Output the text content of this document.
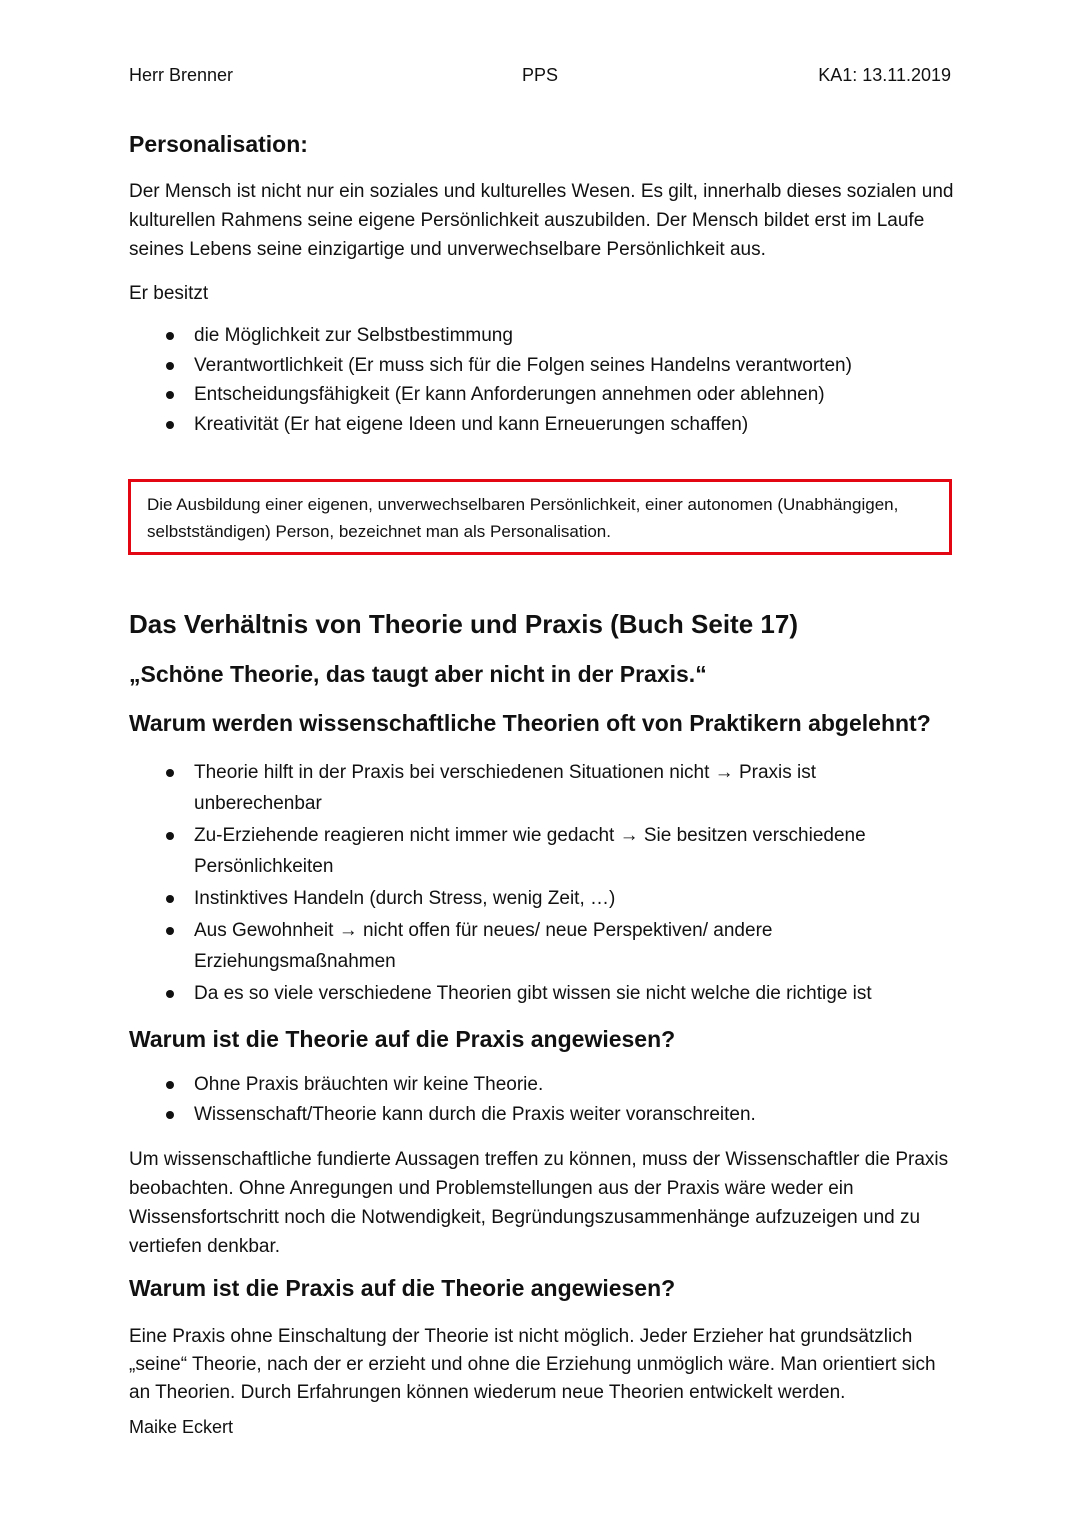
Herr Brenner	PPS	KA1: 13.11.2019
Personalisation:

Der Mensch ist nicht nur ein soziales und kulturelles Wesen. Es gilt, innerhalb dieses sozialen und kulturellen Rahmens seine eigene Persönlichkeit auszubilden. Der Mensch bildet erst im Laufe seines Lebens seine einzigartige und unverwechselbare Persönlichkeit aus.

Er besitzt

die Möglichkeit zur Selbstbestimmung
Verantwortlichkeit (Er muss sich für die Folgen seines Handelns verantworten)
Entscheidungsfähigkeit (Er kann Anforderungen annehmen oder ablehnen)
Kreativität (Er hat eigene Ideen und kann Erneuerungen schaffen)

Die Ausbildung einer eigenen, unverwechselbaren Persönlichkeit, einer autonomen (Unabhängigen, selbstständigen) Person, bezeichnet man als Personalisation.

Das Verhältnis von Theorie und Praxis (Buch Seite 17)
„Schöne Theorie, das taugt aber nicht in der Praxis.“
Warum werden wissenschaftliche Theorien oft von Praktikern abgelehnt?
Theorie hilft in der Praxis bei verschiedenen Situationen nicht → Praxis ist unberechenbar
Zu-Erziehende reagieren nicht immer wie gedacht → Sie besitzen verschiedene Persönlichkeiten
Instinktives Handeln (durch Stress, wenig Zeit, …)
Aus Gewohnheit → nicht offen für neues/ neue Perspektiven/ andere Erziehungsmaßnahmen
Da es so viele verschiedene Theorien gibt wissen sie nicht welche die richtige ist
Warum ist die Theorie auf die Praxis angewiesen?
Ohne Praxis bräuchten wir keine Theorie.
Wissenschaft/Theorie kann durch die Praxis weiter voranschreiten.

Um wissenschaftliche fundierte Aussagen treffen zu können, muss der Wissenschaftler die Praxis beobachten. Ohne Anregungen und Problemstellungen aus der Praxis wäre weder ein Wissensfortschritt noch die Notwendigkeit, Begründungszusammenhänge aufzuzeigen und zu vertiefen denkbar.

Warum ist die Praxis auf die Theorie angewiesen?

Eine Praxis ohne Einschaltung der Theorie ist nicht möglich. Jeder Erzieher hat grundsätzlich „seine“ Theorie, nach der er erzieht und ohne die Erziehung unmöglich wäre. Man orientiert sich an Theorien. Durch Erfahrungen können wiederum neue Theorien entwickelt werden.

Maike Eckert
